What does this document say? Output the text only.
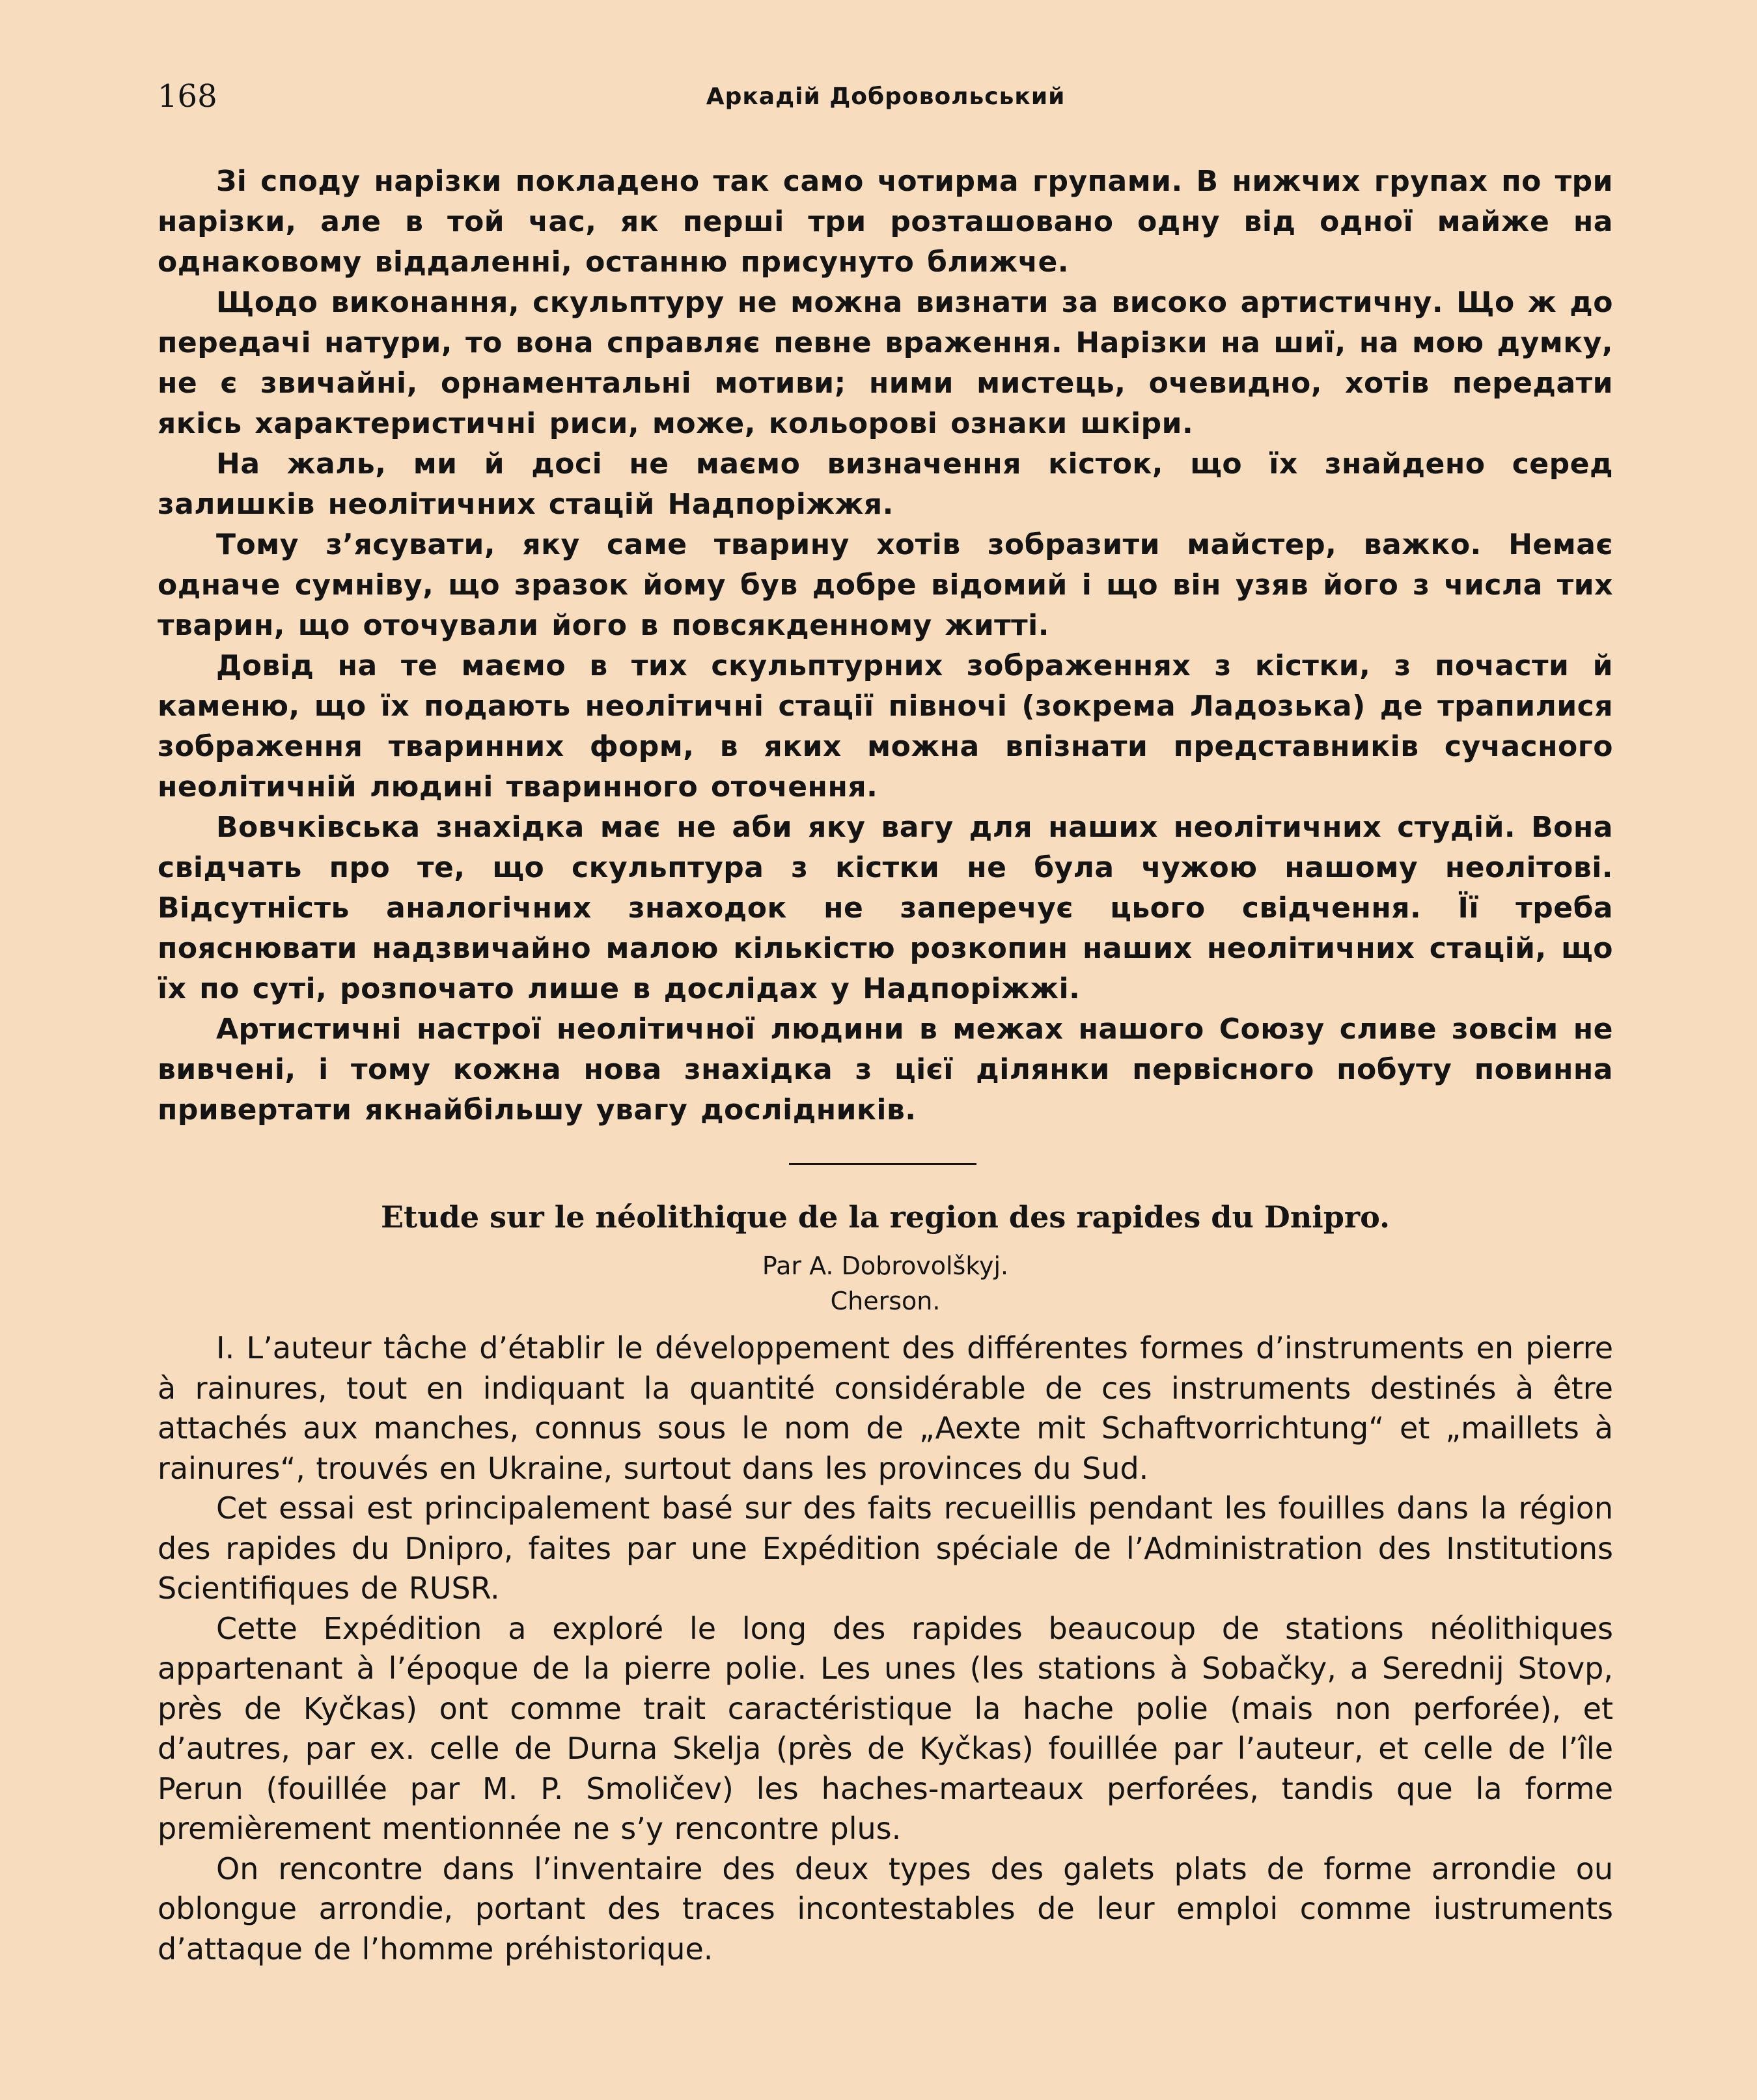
168	Аркадій Добровольський

Зі споду нарізки покладено так само чотирма групами. В нижчих групах по три нарізки, але в той час, як перші три розташовано одну від одної майже на однаковому віддаленні, останню присунуто ближче.

Щодо виконання, скульптуру не можна визнати за високо артистичну. Що ж до передачі натури, то вона справляє певне враження. Нарізки на шиї, на мою думку, не є звичайні, орнаментальні мотиви; ними мистець, очевидно, хотів передати якісь характеристичні риси, може, кольорові ознаки шкіри.

На жаль, ми й досі не маємо визначення кісток, що їх знайдено серед залишків неолітичних стацій Надпоріжжя.

Тому з’ясувати, яку саме тварину хотів зобразити майстер, важко. Немає одначе сумніву, що зразок йому був добре відомий і що він узяв його з числа тих тварин, що оточували його в повсякденному житті.

Довід на те маємо в тих скульптурних зображеннях з кістки, з почасти й каменю, що їх подають неолітичні стації півночі (зокрема Ладозька) де трапилися зображення тваринних форм, в яких можна впізнати представників сучасного неолітичній людині тваринного оточення.

Вовчківська знахідка має не аби яку вагу для наших неолітичних студій. Вона свідчать про те, що скульптура з кістки не була чужою нашому неолітові. Відсутність аналогічних знаходок не заперечує цього свідчення. Її треба пояснювати надзвичайно малою кількістю розкопин наших неолітичних стацій, що їх по суті, розпочато лише в дослідах у Надпоріжжі.

Артистичні настрої неолітичної людини в межах нашого Союзу сливе зовсім не вивчені, і тому кожна нова знахідка з цієї ділянки первісного побуту повинна привертати якнайбільшу увагу дослідників.

Etude sur le néolithique de la region des rapides du Dnipro.
Par A. Dobrovolškyj.
Cherson.

I. L’auteur tâche d’établir le développement des différentes formes d’instruments en pierre à rainures, tout en indiquant la quantité considérable de ces instruments destinés à être attachés aux manches, connus sous le nom de „Aexte mit Schaftvorrichtung“ et „maillets à rainures“, trouvés en Ukraine, surtout dans les provinces du Sud.

Cet essai est principalement basé sur des faits recueillis pendant les fouilles dans la région des rapides du Dnipro, faites par une Expédition spéciale de l’Administration des Institutions Scientifiques de RUSR.

Cette Expédition a exploré le long des rapides beaucoup de stations néolithiques appartenant à l’époque de la pierre polie. Les unes (les stations à Sobačky, a Serednij Stovp, près de Kyčkas) ont comme trait caractéristique la hache polie (mais non perforée), et d’autres, par ex. celle de Durna Skelja (près de Kyčkas) fouillée par l’auteur, et celle de l’île Perun (fouillée par M. P. Smoličev) les haches-marteaux perforées, tandis que la forme premièrement mentionnée ne s’y rencontre plus.

On rencontre dans l’inventaire des deux types des galets plats de forme arrondie ou oblongue arrondie, portant des traces incontestables de leur emploi comme iustruments d’attaque de l’homme préhistorique.
